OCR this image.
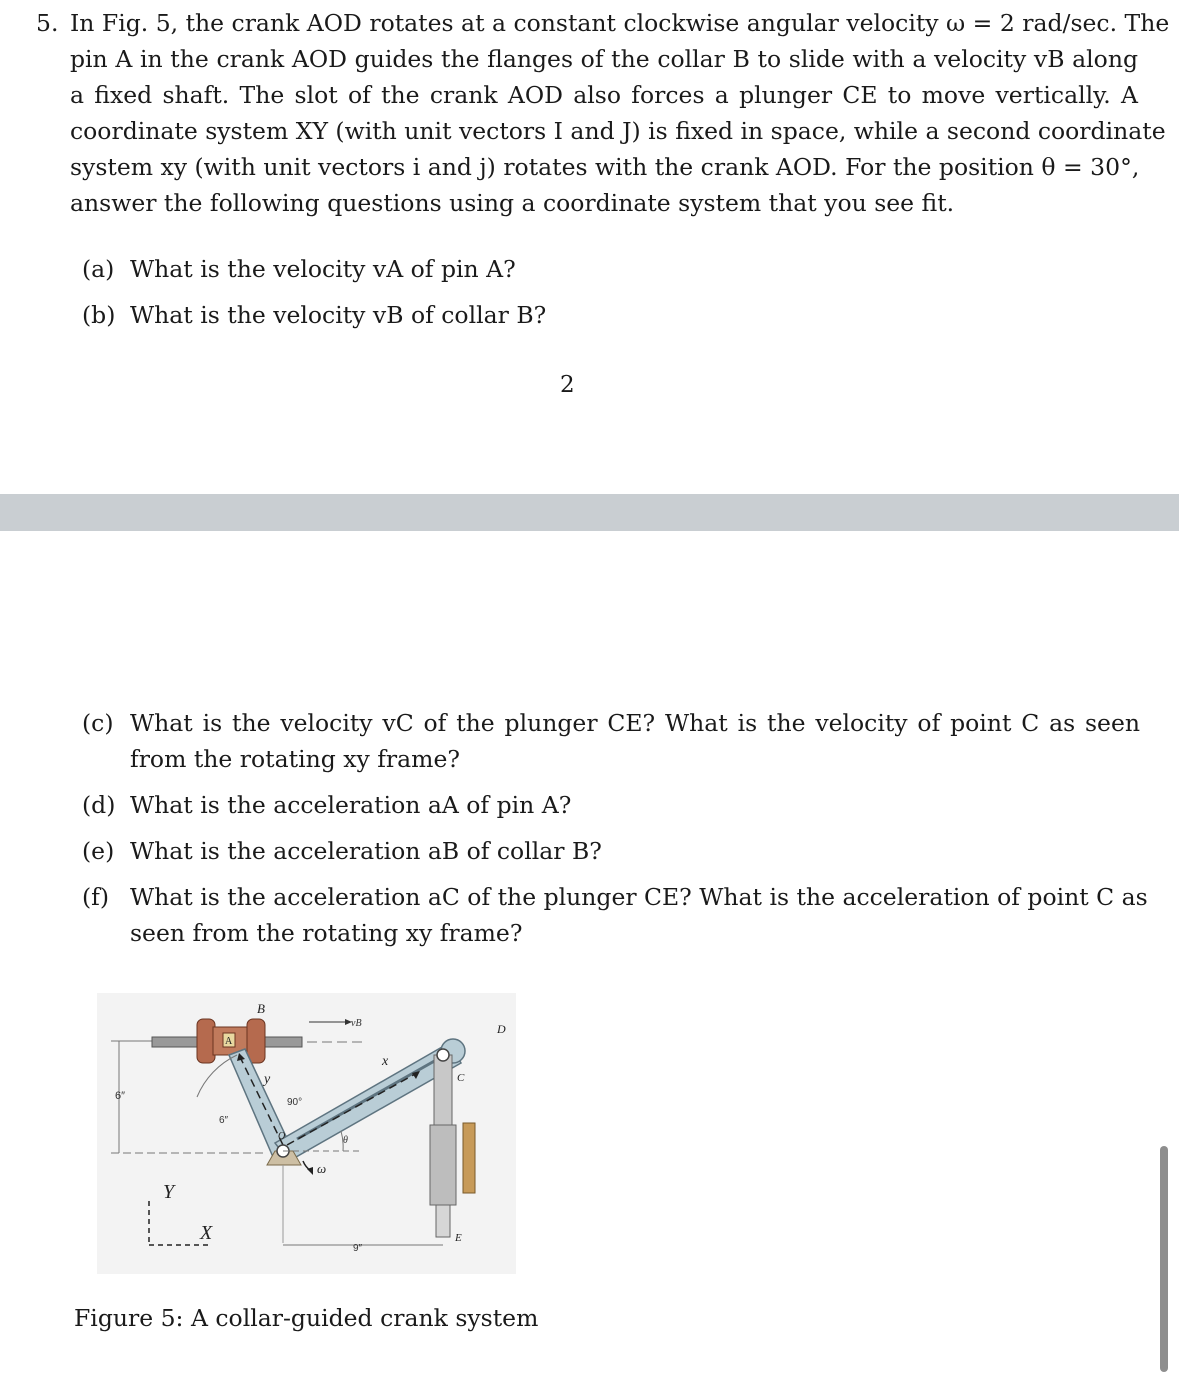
5. In Fig. 5, the crank AOD rotates at a constant clockwise angular velocity ω = 2 rad/sec. The
pin A in the crank AOD guides the flanges of the collar B to slide with a velocity vB along
a fixed shaft. The slot of the crank AOD also forces a plunger CE to move vertically. A
coordinate system XY (with unit vectors I and J) is fixed in space, while a second coordinate
system xy (with unit vectors i and j) rotates with the crank AOD. For the position θ = 30°,
answer the following questions using a coordinate system that you see fit.
(a) What is the velocity vA of pin A?
(b) What is the velocity vB of collar B?
2
(c) What is the velocity vC of the plunger CE? What is the velocity of point C as seen
from the rotating xy frame?
(d) What is the acceleration aA of pin A?
(e) What is the acceleration aB of collar B?
(f) What is the acceleration aC of the plunger CE? What is the acceleration of point C as
seen from the rotating xy frame?
6″
A
B
vB
x
y
D
6″
90°
O	θ
ω
C
E
9″
Y
X
Figure 5: A collar-guided crank system
